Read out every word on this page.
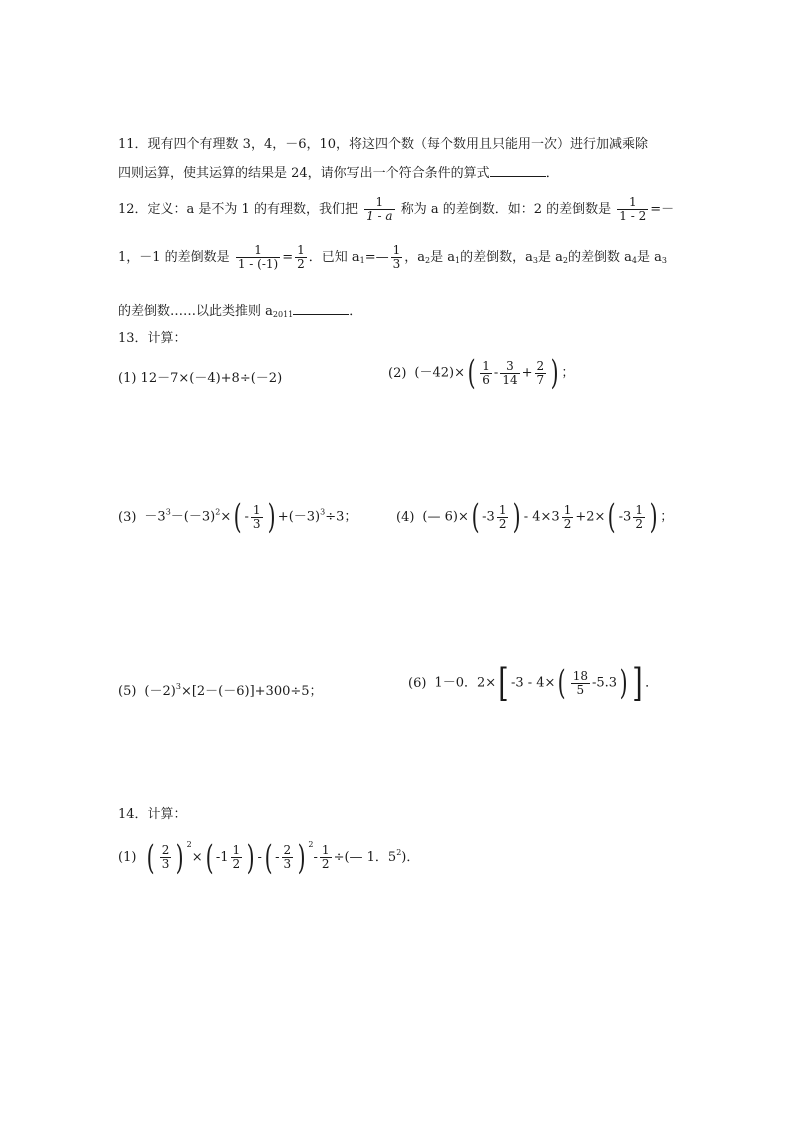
11．现有四个有理数 3，4，－6，10，将这四个数（每个数用且只能用一次）进行加减乘除
四则运算，使其运算的结果是 24，请你写出一个符合条件的算式	．
12．定义：a 是不为 1 的有理数，我们把 $\frac{1}{1 - a}$ 称为 a 的差倒数．如：2 的差倒数是 $\frac{1}{1 - 2}$ =－
1，－1 的差倒数是 $\frac{1}{1 - (-1)} = \frac{1}{2}$ ．已知 $a_1=— \frac{1}{3}$ ，$a_2$是 $a_1$的差倒数，$a_3$是 $a_2$的差倒数 $a_4$是 $a_3$
的差倒数……以此类推则 $a_{2011}$	．
13．计算：
(1) 12－7×(－4)+8÷(－2)	(2) $(-42)\times( \frac{1}{6} - \frac{3}{14} + \frac{2}{7}$ ) ；
$(3) -3^3-(-3)^2\times( - \frac{1}{3}$ ) $+(-3)^3\div 3$；	(4) (— 6)×( $-3 \frac{1}{2}$ ) - $4\times 3 \frac{1}{2} +2\times$( $-3 \frac{1}{2}$ ) ；
(5) $(-2)^3\times[2-(-6)]+300\div 5$；
(6) 1－0．2×[ $-3 - 4\times( \frac{18}{5} -5.3)$ ] ．
14．计算：
(1) ( $\frac{2}{3}$ ) $^2$×( $-1 \frac{1}{2}$ ) -( - $\frac{2}{3}$ ) $^2- \frac{1}{2}$ ÷(— 1．$5^2$)．
